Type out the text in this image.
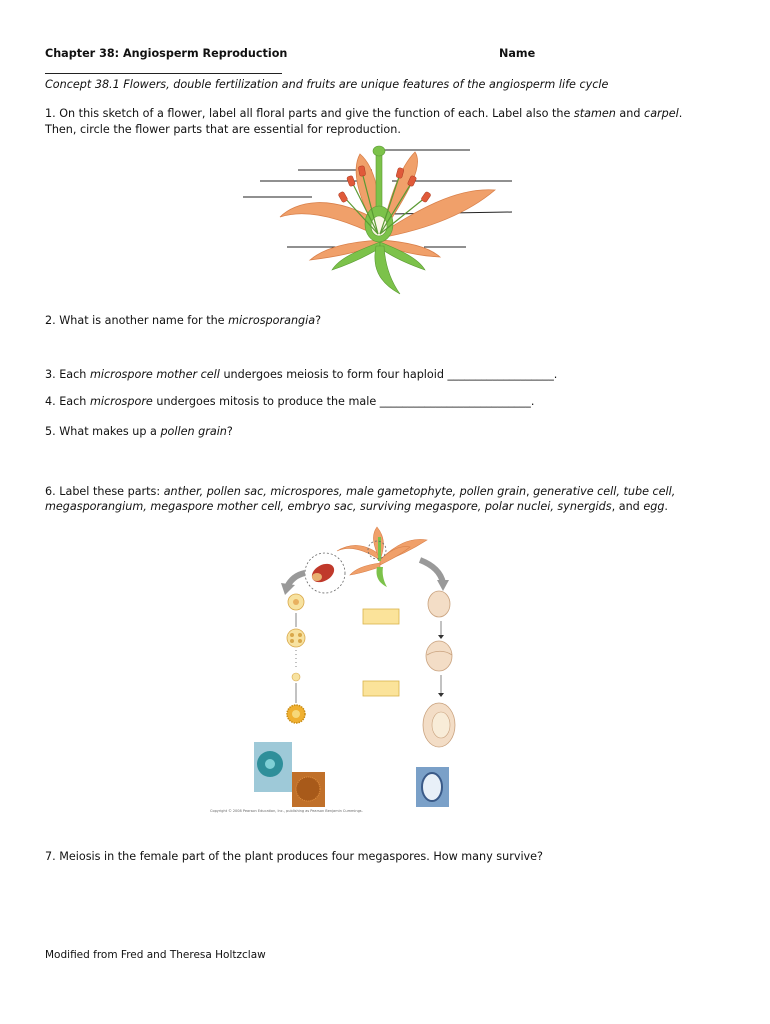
Chapter 38: Angiosperm Reproduction	Name
Concept 38.1 Flowers, double fertilization and fruits are unique features of the angiosperm life cycle
1. On this sketch of a flower, label all floral parts and give the function of each. Label also the stamen and carpel.
Then, circle the flower parts that are essential for reproduction.
2. What is another name for the microsporangia?
3. Each microspore mother cell undergoes meiosis to form four haploid ___________________.
4. Each microspore undergoes mitosis to produce the male ___________________________.
5. What makes up a pollen grain?
6. Label these parts: anther, pollen sac, microspores, male gametophyte, pollen grain, generative cell, tube cell,
megasporangium, megaspore mother cell, embryo sac, surviving megaspore, polar nuclei, synergids, and egg.
Copyright © 2008 Pearson Education, Inc., publishing as Pearson Benjamin Cummings.
7. Meiosis in the female part of the plant produces four megaspores. How many survive?
Modified from Fred and Theresa Holtzclaw
